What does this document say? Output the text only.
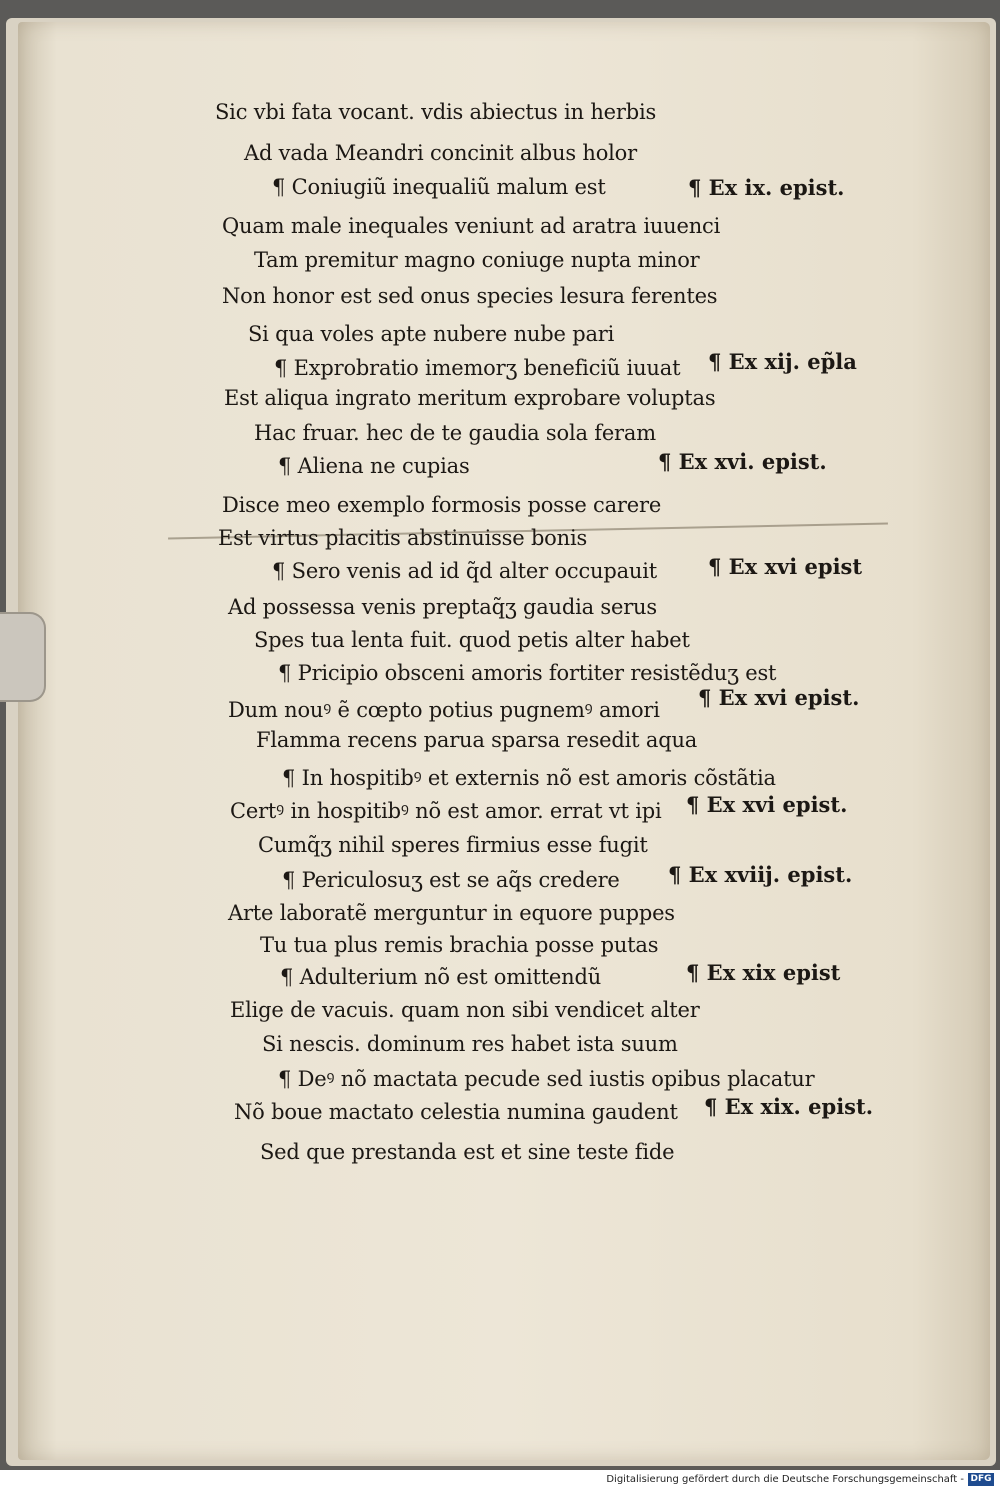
Sic vbi fata vocant. vdis abiectus in herbis
Ad vada Meandri concinit albus holor
¶ Coniugiũ inequaliũ malum est	¶ Ex ix. epist.
Quam male inequales veniunt ad aratra iuuenci
Tam premitur magno coniuge nupta minor
Non honor est sed onus species lesura ferentes
Si qua voles apte nubere nube pari
¶ Exprobratio imemorʒ beneficiũ iuuat ¶ Ex xij. ep̃la
Est aliqua ingrato meritum exprobare voluptas
Hac fruar. hec de te gaudia sola feram
¶ Aliena ne cupias	¶ Ex xvi. epist.
Disce meo exemplo formosis posse carere
Est virtus placitis abstinuisse bonis
¶ Sero venis ad id q̃d alter occupauit ¶ Ex xvi epist
Ad possessa venis preptaq̃ʒ gaudia serus
Spes tua lenta fuit. quod petis alter habet
¶ Pricipio obsceni amoris fortiter resistẽduʒ est
Dum nouꝰ ẽ cœpto potius pugnemꝰ amori ¶ Ex xvi epist.
Flamma recens parua sparsa resedit aqua
¶ In hospitibꝰ et externis nõ est amoris cõstãtia
Certꝰ in hospitibꝰ nõ est amor. errat vt ipi ¶ Ex xvi epist.
Cumq̃ʒ nihil speres firmius esse fugit
¶ Periculosuʒ est se aq̃s credere ¶ Ex xviij. epist.
Arte laboratẽ merguntur in equore puppes
Tu tua plus remis brachia posse putas
¶ Adulterium nõ est omittendũ	¶ Ex xix epist
Elige de vacuis. quam non sibi vendicet alter
Si nescis. dominum res habet ista suum
¶ Deꝰ nõ mactata pecude sed iustis opibus placatur
Nõ boue mactato celestia numina gaudent ¶ Ex xix. epist.
Sed que prestanda est et sine teste fide
Digitalisierung gefördert durch die Deutsche Forschungsgemeinschaft - DFG
